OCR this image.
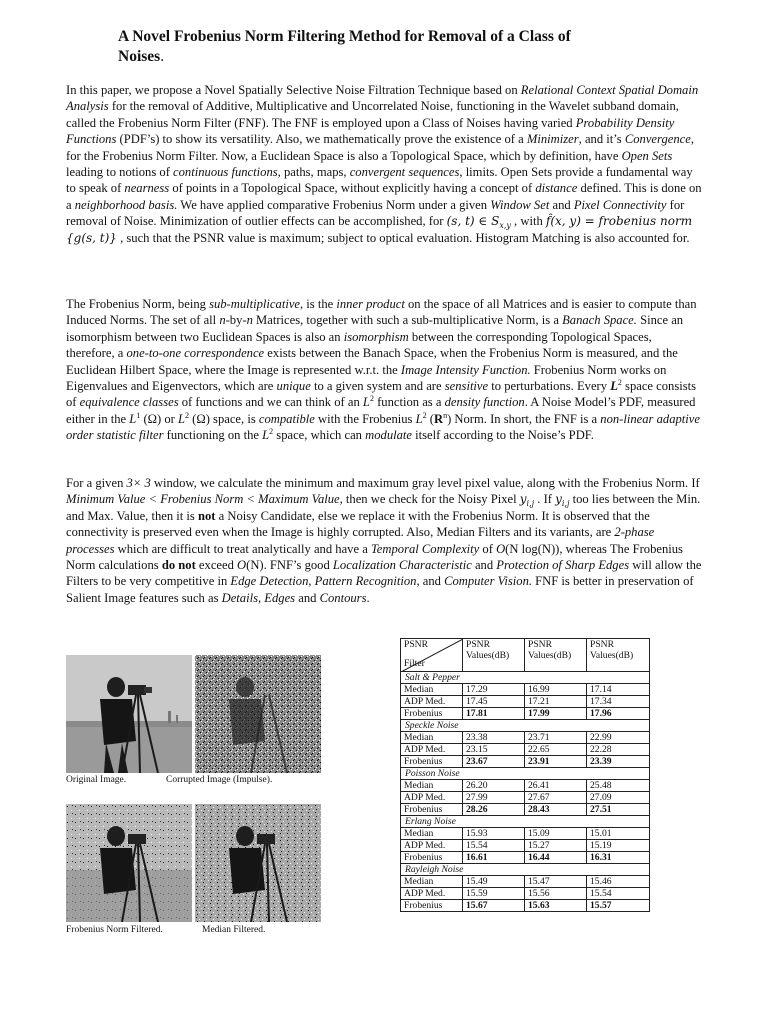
A Novel Frobenius Norm Filtering Method for Removal of a Class of
Noises.
In this paper, we propose a Novel Spatially Selective Noise Filtration Technique based on Relational Context Spatial Domain Analysis for the removal of Additive, Multiplicative and Uncorrelated Noise, functioning in the Wavelet subband domain, called the Frobenius Norm Filter (FNF). The FNF is employed upon a Class of Noises having varied Probability Density Functions (PDF’s) to show its versatility. Also, we mathematically prove the existence of a Minimizer, and it’s Convergence, for the Frobenius Norm Filter. Now, a Euclidean Space is also a Topological Space, which by definition, have Open Sets leading to notions of continuous functions, paths, maps, convergent sequences, limits. Open Sets provide a fundamental way to speak of nearness of points in a Topological Space, without explicitly having a concept of distance defined. This is done on a neighborhood basis. We have applied comparative Frobenius Norm under a given Window Set and Pixel Connectivity for removal of Noise. Minimization of outlier effects can be accomplished, for (s, t) ∈ $S_{x,y}$ , with f̂(x, y) = frobenius norm {g(s, t)} , such that the PSNR value is maximum; subject to optical evaluation. Histogram Matching is also accounted for.
The Frobenius Norm, being sub-multiplicative, is the inner product on the space of all Matrices and is easier to compute than Induced Norms. The set of all n-by-n Matrices, together with such a sub-multiplicative Norm, is a Banach Space. Since an isomorphism between two Euclidean Spaces is also an isomorphism between the corresponding Topological Spaces, therefore, a one-to-one correspondence exists between the Banach Space, when the Frobenius Norm is measured, and the Euclidean Hilbert Space, where the Image is represented w.r.t. the Image Intensity Function. Frobenius Norm works on Eigenvalues and Eigenvectors, which are unique to a given system and are sensitive to perturbations. Every $L^2$ space consists of equivalence classes of functions and we can think of an $L^2$ function as a density function. A Noise Model’s PDF, measured either in the $L^1$ (Ω) or $L^2$ (Ω) space, is compatible with the Frobenius $L^2$ $(R^n)$ Norm. In short, the FNF is a non-linear adaptive order statistic filter functioning on the $L^2$ space, which can modulate itself according to the Noise’s PDF.
For a given 3× 3 window, we calculate the minimum and maximum gray level pixel value, along with the Frobenius Norm. If Minimum Value < Frobenius Norm < Maximum Value, then we check for the Noisy Pixel $y_{i,j}$ . If $y_{i,j}$ too lies between the Min. and Max. Value, then it is not a Noisy Candidate, else we replace it with the Frobenius Norm. It is observed that the connectivity is preserved even when the Image is highly corrupted. Also, Median Filters and its variants, are 2-phase processes which are difficult to treat analytically and have a Temporal Complexity of O(N log(N)), whereas The Frobenius Norm calculations do not exceed O(N). FNF’s good Localization Characteristic and Protection of Sharp Edges will allow the Filters to be very competitive in Edge Detection, Pattern Recognition, and Computer Vision. FNF is better in preservation of Salient Image features such as Details, Edges and Contours.
Original Image.	Corrupted Image (Impulse).
Frobenius Norm Filtered.	Median Filtered.
PSNR
Filter	PSNR Values(dB)	PSNR Values(dB)	PSNR Values(dB)
Salt & Pepper			
Median	17.29	16.99	17.14
ADP Med.	17.45	17.21	17.34
Frobenius	17.81	17.99	17.96
Speckle Noise			
Median	23.38	23.71	22.99
ADP Med.	23.15	22.65	22.28
Frobenius	23.67	23.91	23.39
Poisson Noise			
Median	26.20	26.41	25.48
ADP Med.	27.99	27.67	27.09
Frobenius	28.26	28.43	27.51
Erlang Noise			
Median	15.93	15.09	15.01
ADP Med.	15.54	15.27	15.19
Frobenius	16.61	16.44	16.31
Rayleigh Noise			
Median	15.49	15.47	15.46
ADP Med.	15.59	15.56	15.54
Frobenius	15.67	15.63	15.57
